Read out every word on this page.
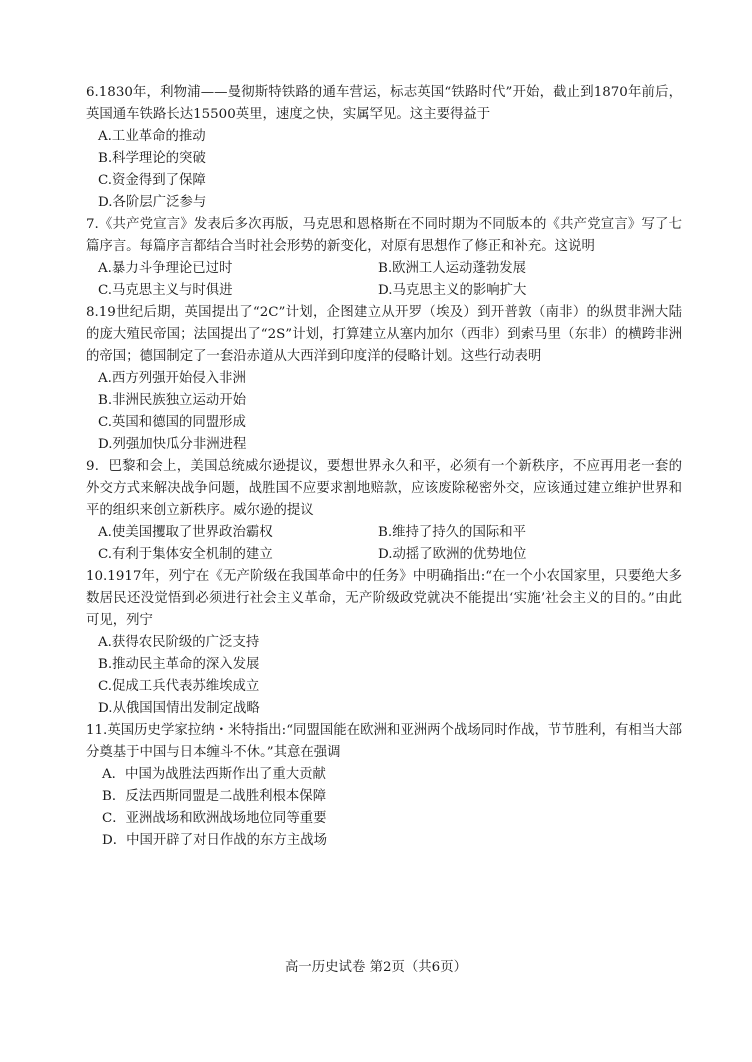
6.1830年，利物浦——曼彻斯特铁路的通车营运，标志英国“铁路时代”开始，截止到1870年前后，英国通车铁路长达15500英里，速度之快，实属罕见。这主要得益于

A.工业革命的推动

B.科学理论的突破

C.资金得到了保障

D.各阶层广泛参与

7.《共产党宣言》发表后多次再版，马克思和恩格斯在不同时期为不同版本的《共产党宣言》写了七篇序言。每篇序言都结合当时社会形势的新变化，对原有思想作了修正和补充。这说明

A.暴力斗争理论已过时	B.欧洲工人运动蓬勃发展
C.马克思主义与时俱进	D.马克思主义的影响扩大

8.19世纪后期，英国提出了“2C”计划，企图建立从开罗（埃及）到开普敦（南非）的纵贯非洲大陆的庞大殖民帝国；法国提出了“2S”计划，打算建立从塞内加尔（西非）到索马里（东非）的横跨非洲的帝国；德国制定了一套沿赤道从大西洋到印度洋的侵略计划。这些行动表明

A.西方列强开始侵入非洲

B.非洲民族独立运动开始

C.英国和德国的同盟形成

D.列强加快瓜分非洲进程

9．巴黎和会上，美国总统威尔逊提议，要想世界永久和平，必须有一个新秩序，不应再用老一套的外交方式来解决战争问题，战胜国不应要求割地赔款，应该废除秘密外交，应该通过建立维护世界和平的组织来创立新秩序。威尔逊的提议

A.使美国攫取了世界政治霸权	B.维持了持久的国际和平
C.有利于集体安全机制的建立	D.动摇了欧洲的优势地位

10.1917年，列宁在《无产阶级在我国革命中的任务》中明确指出:“在一个小农国家里，只要绝大多数居民还没觉悟到必须进行社会主义革命，无产阶级政党就决不能提出‘实施’社会主义的目的。”由此可见，列宁

A.获得农民阶级的广泛支持

B.推动民主革命的深入发展

C.促成工兵代表苏维埃成立

D.从俄国国情出发制定战略

11.英国历史学家拉纳・米特指出:“同盟国能在欧洲和亚洲两个战场同时作战，节节胜利，有相当大部分奠基于中国与日本缠斗不休。”其意在强调

A．中国为战胜法西斯作出了重大贡献

B．反法西斯同盟是二战胜利根本保障

C．亚洲战场和欧洲战场地位同等重要

D．中国开辟了对日作战的东方主战场

高一历史试卷 第2页（共6页）
